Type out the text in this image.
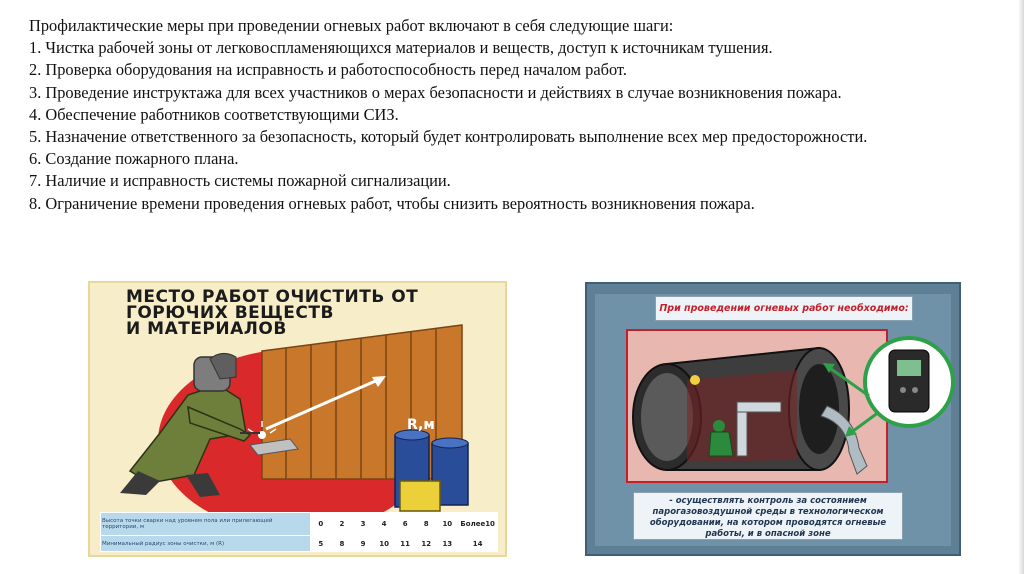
Профилактические меры при проведении огневых работ включают в себя следующие шаги:

1. Чистка рабочей зоны от легковоспламеняющихся материалов и веществ, доступ к источникам тушения.

2. Проверка оборудования на исправность и работоспособность перед началом работ.

3. Проведение инструктажа для всех участников о мерах безопасности и действиях в случае возникновения пожара.

4. Обеспечение работников соответствующими СИЗ.

5. Назначение ответственного за безопасность, который будет контролировать выполнение всех мер предосторожности.

6. Создание пожарного плана.

7. Наличие и исправность системы пожарной сигнализации.

8. Ограничение времени проведения огневых работ, чтобы снизить вероятность возникновения пожара.

МЕСТО РАБОТ ОЧИСТИТЬ ОТ
ГОРЮЧИХ ВЕЩЕСТВ
И МАТЕРИАЛОВ
R,м
Высота точки сварки над уровнем пола или прилегающей территории, м	0	2	3	4	6	8	10	Более10
Минимальный радиус зоны очистки, м (R)	5	8	9	10	11	12	13	14
При проведении огневых работ необходимо:
- осуществлять контроль за состоянием парогазовоздушной среды в технологическом оборудовании, на котором проводятся огневые работы, и в опасной зоне
